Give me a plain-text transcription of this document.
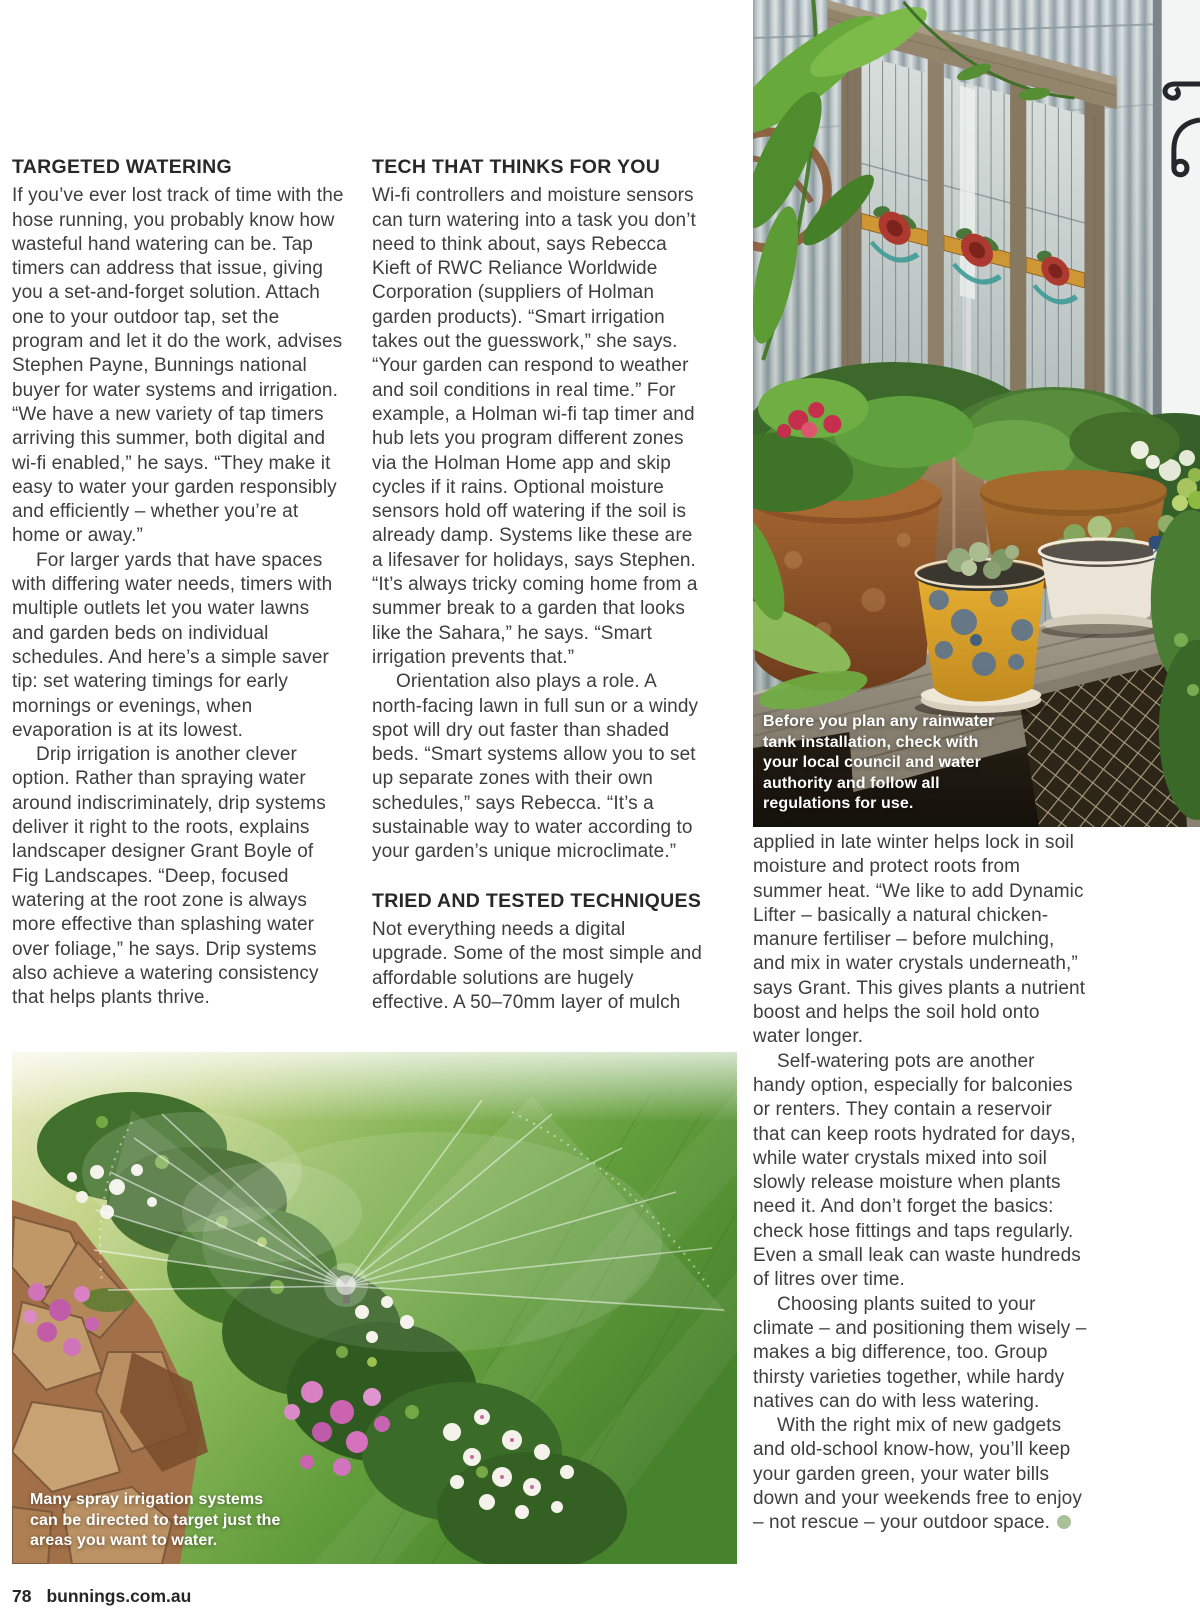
TARGETED WATERING

If you’ve ever lost track of time with the hose running, you probably know how wasteful hand watering can be. Tap timers can address that issue, giving you a set-and-forget solution. Attach one to your outdoor tap, set the program and let it do the work, advises Stephen Payne, Bunnings national buyer for water systems and irrigation. “We have a new variety of tap timers arriving this summer, both digital and wi-fi enabled,” he says. “They make it easy to water your garden responsibly and efficiently – whether you’re at home or away.”

For larger yards that have spaces with differing water needs, timers with multiple outlets let you water lawns and garden beds on individual schedules. And here’s a simple saver tip: set watering timings for early mornings or evenings, when evaporation is at its lowest.

Drip irrigation is another clever option. Rather than spraying water around indiscriminately, drip systems deliver it right to the roots, explains landscaper designer Grant Boyle of Fig Landscapes. “Deep, focused watering at the root zone is always more effective than splashing water over foliage,” he says. Drip systems also achieve a watering consistency that helps plants thrive.

TECH THAT THINKS FOR YOU

Wi-fi controllers and moisture sensors can turn watering into a task you don’t need to think about, says Rebecca Kieft of RWC Reliance Worldwide Corporation (suppliers of Holman garden products). “Smart irrigation takes out the guesswork,” she says. “Your garden can respond to weather and soil conditions in real time.” For example, a Holman wi-fi tap timer and hub lets you program different zones via the Holman Home app and skip cycles if it rains. Optional moisture sensors hold off watering if the soil is already damp. Systems like these are a lifesaver for holidays, says Stephen. “It’s always tricky coming home from a summer break to a garden that looks like the Sahara,” he says. “Smart irrigation prevents that.”

Orientation also plays a role. A north-facing lawn in full sun or a windy spot will dry out faster than shaded beds. “Smart systems allow you to set up separate zones with their own schedules,” says Rebecca. “It’s a sustainable way to water according to your garden’s unique microclimate.”

TRIED AND TESTED TECHNIQUES

Not everything needs a digital upgrade. Some of the most simple and affordable solutions are hugely effective. A 50–70mm layer of mulch

applied in late winter helps lock in soil moisture and protect roots from summer heat. “We like to add Dynamic Lifter – basically a natural chicken-manure fertiliser – before mulching, and mix in water crystals underneath,” says Grant. This gives plants a nutrient boost and helps the soil hold onto water longer.

Self-watering pots are another handy option, especially for balconies or renters. They contain a reservoir that can keep roots hydrated for days, while water crystals mixed into soil slowly release moisture when plants need it. And don’t forget the basics: check hose fittings and taps regularly. Even a small leak can waste hundreds of litres over time.

Choosing plants suited to your climate – and positioning them wisely – makes a big difference, too. Group thirsty varieties together, while hardy natives can do with less watering.

With the right mix of new gadgets and old-school know-how, you’ll keep your garden green, your water bills down and your weekends free to enjoy – not rescue – your outdoor space.

Before you plan any rainwater tank installation, check with your local council and water authority and follow all regulations for use.
Many spray irrigation systems can be directed to target just the areas you want to water.
78 bunnings.com.au
